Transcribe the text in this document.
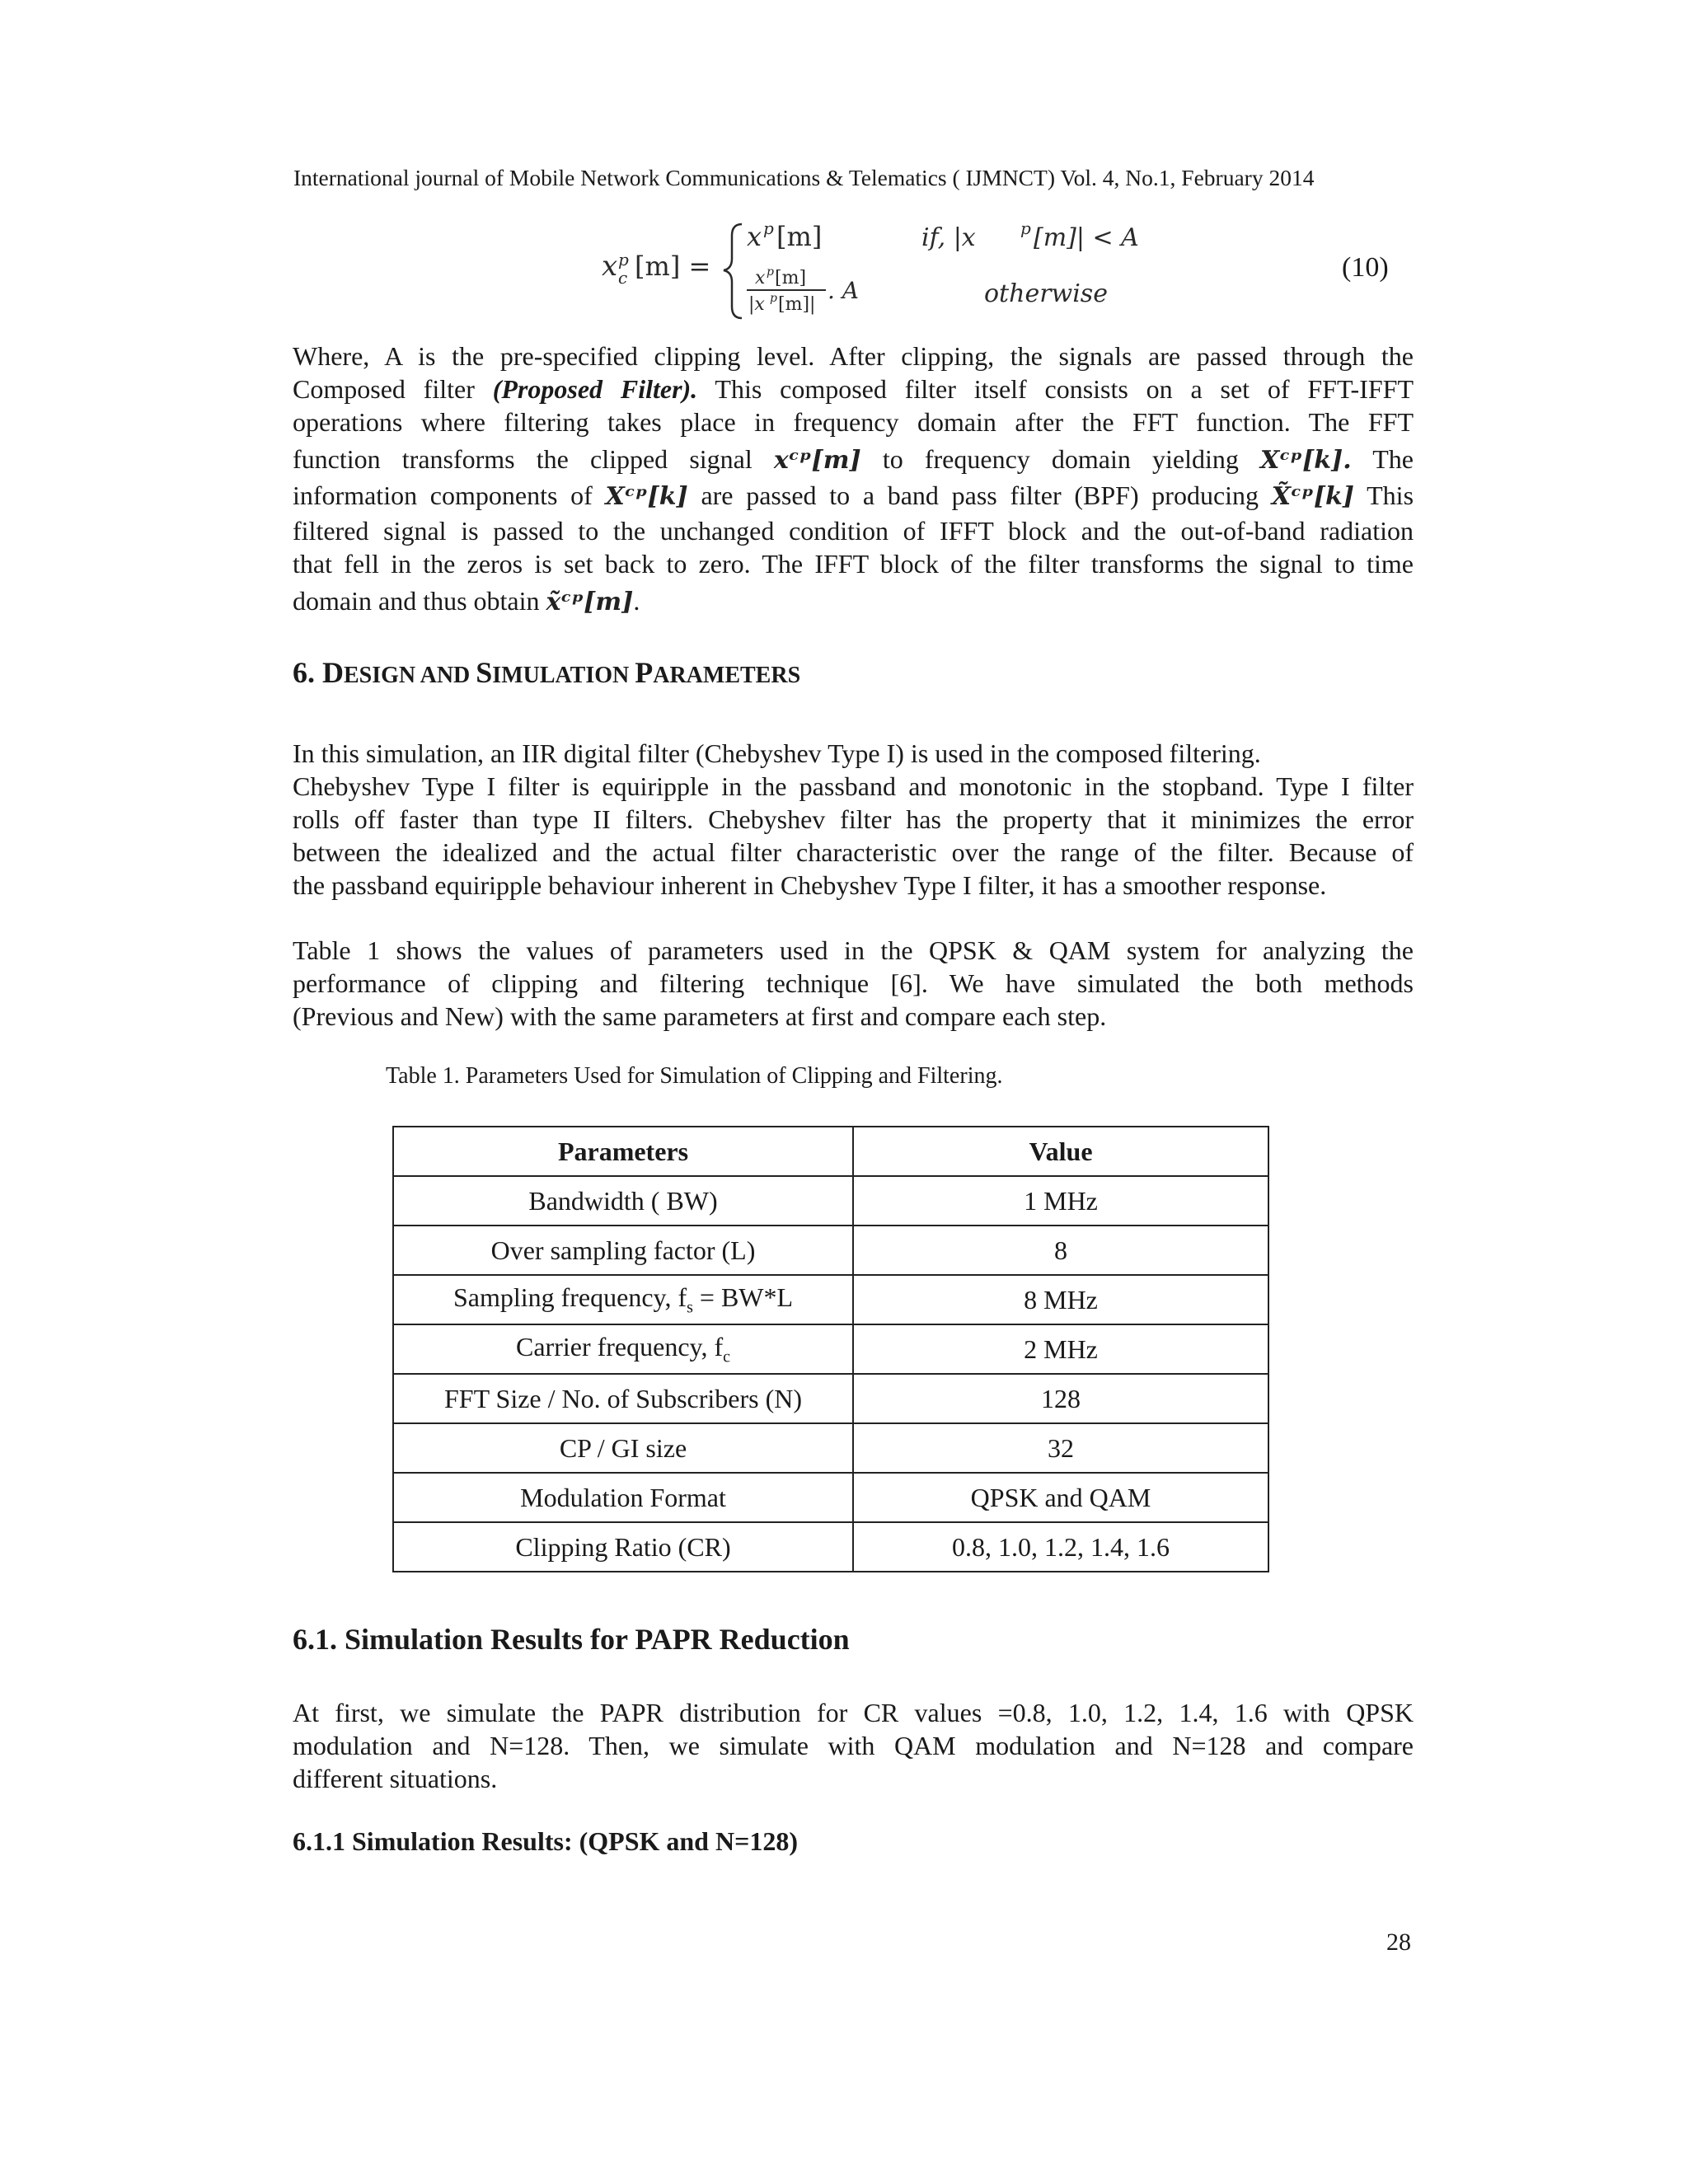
International journal of Mobile Network Communications & Telematics ( IJMNCT) Vol. 4, No.1, February 2014
x p
c [m] =
x p [m]	if, |x	p [m]| < A
x p [m]
|x p [m]|
. A	otherwise
(10)
Where, A is the pre-specified clipping level. After clipping, the signals are passed through the
Composed filter (Proposed Filter). This composed filter itself consists on a set of FFT-IFFT
operations where filtering takes place in frequency domain after the FFT function. The FFT
function transforms the clipped signal xᶜᵖ[m] to frequency domain yielding Xᶜᵖ[k]. The
information components of Xᶜᵖ[k] are passed to a band pass filter (BPF) producing X̃ᶜᵖ[k] This
filtered signal is passed to the unchanged condition of IFFT block and the out-of-band radiation
that fell in the zeros is set back to zero. The IFFT block of the filter transforms the signal to time
domain and thus obtain x̃ᶜᵖ[m].
6. DESIGN AND SIMULATION PARAMETERS
In this simulation, an IIR digital filter (Chebyshev Type I) is used in the composed filtering.
Chebyshev Type I filter is equiripple in the passband and monotonic in the stopband. Type I filter
rolls off faster than type II filters. Chebyshev filter has the property that it minimizes the error
between the idealized and the actual filter characteristic over the range of the filter. Because of
the passband equiripple behaviour inherent in Chebyshev Type I filter, it has a smoother response.
Table 1 shows the values of parameters used in the QPSK & QAM system for analyzing the
performance of clipping and filtering technique [6]. We have simulated the both methods
(Previous and New) with the same parameters at first and compare each step.
Table 1. Parameters Used for Simulation of Clipping and Filtering.
Parameters	Value
Bandwidth ( BW)	1 MHz
Over sampling factor (L)	8
Sampling frequency, $f_s = BW*L$	8 MHz
Carrier frequency, $f_c$	2 MHz
FFT Size / No. of Subscribers (N)	128
CP / GI size	32
Modulation Format	QPSK and QAM
Clipping Ratio (CR)	0.8, 1.0, 1.2, 1.4, 1.6
6.1. Simulation Results for PAPR Reduction
At first, we simulate the PAPR distribution for CR values =0.8, 1.0, 1.2, 1.4, 1.6 with QPSK
modulation and N=128. Then, we simulate with QAM modulation and N=128 and compare
different situations.
6.1.1 Simulation Results: (QPSK and N=128)
28
